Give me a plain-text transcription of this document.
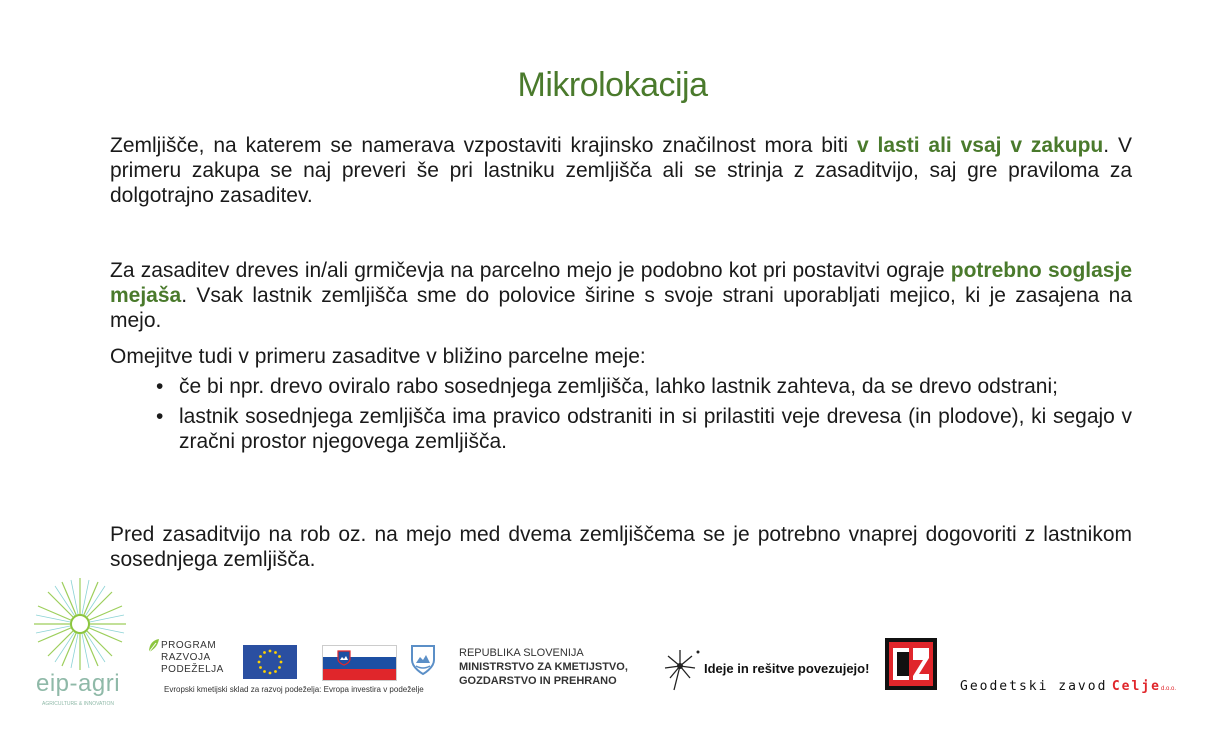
Mikrolokacija
Zemljišče, na katerem se namerava vzpostaviti krajinsko značilnost mora biti v lasti ali vsaj v zakupu. V primeru zakupa se naj preveri še pri lastniku zemljišča ali se strinja z zasaditvijo, saj gre praviloma za dolgotrajno zasaditev.
Za zasaditev dreves in/ali grmičevja na parcelno mejo je podobno kot pri postavitvi ograje potrebno soglasje mejaša. Vsak lastnik zemljišča sme do polovice širine s svoje strani uporabljati mejico, ki je zasajena na mejo.
Omejitve tudi v primeru zasaditve v bližino parcelne meje:
• če bi npr. drevo oviralo rabo sosednjega zemljišča, lahko lastnik zahteva, da se drevo odstrani;
• lastnik sosednjega zemljišča ima pravico odstraniti in si prilastiti veje drevesa (in plodove), ki segajo v zračni prostor njegovega zemljišča.
Pred zasaditvijo na rob oz. na mejo med dvema zemljiščema se je potrebno vnaprej dogovoriti z lastnikom sosednjega zemljišča.
eip-agri
AGRICULTURE & INNOVATION
PROGRAM
RAZVOJA
PODEŽELJA
Evropski kmetijski sklad za razvoj podeželja: Evropa investira v podeželje
REPUBLIKA SLOVENIJA
MINISTRSTVO ZA KMETIJSTVO,
GOZDARSTVO IN PREHRANO
Ideje in rešitve povezujejo!
Geodetski zavod Celjed.o.o.
